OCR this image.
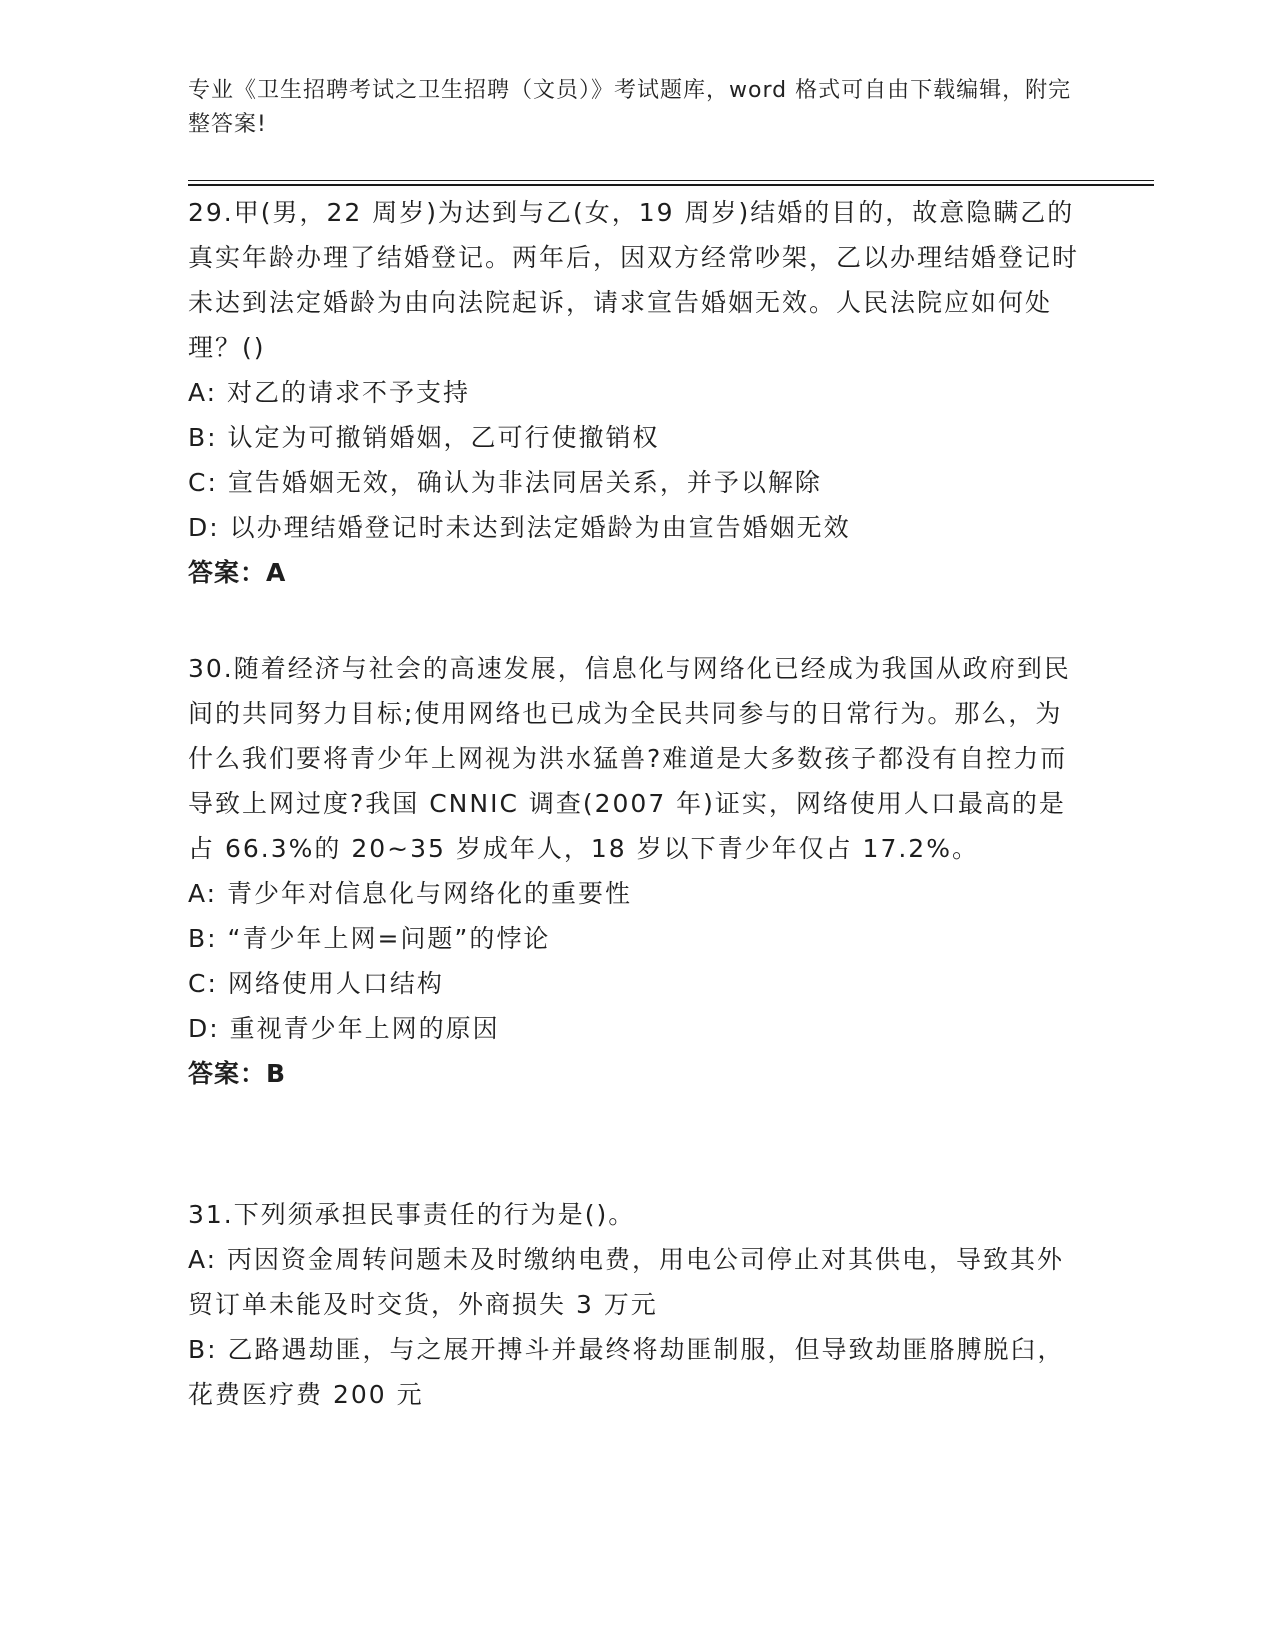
专业《卫生招聘考试之卫生招聘（文员）》考试题库，word 格式可自由下载编辑，附完整答案!

29.甲(男，22 周岁)为达到与乙(女，19 周岁)结婚的目的，故意隐瞒乙的真实年龄办理了结婚登记。两年后，因双方经常吵架，乙以办理结婚登记时未达到法定婚龄为由向法院起诉，请求宣告婚姻无效。人民法院应如何处理？()

A: 对乙的请求不予支持

B: 认定为可撤销婚姻，乙可行使撤销权

C: 宣告婚姻无效，确认为非法同居关系，并予以解除

D: 以办理结婚登记时未达到法定婚龄为由宣告婚姻无效

答案：A

30.随着经济与社会的高速发展，信息化与网络化已经成为我国从政府到民间的共同努力目标;使用网络也已成为全民共同参与的日常行为。那么，为什么我们要将青少年上网视为洪水猛兽?难道是大多数孩子都没有自控力而导致上网过度?我国 CNNIC 调查(2007 年)证实，网络使用人口最高的是占 66.3%的 20~35 岁成年人，18 岁以下青少年仅占 17.2%。

A: 青少年对信息化与网络化的重要性

B: “青少年上网=问题”的悖论

C: 网络使用人口结构

D: 重视青少年上网的原因

答案：B

31.下列须承担民事责任的行为是()。

A: 丙因资金周转问题未及时缴纳电费，用电公司停止对其供电，导致其外贸订单未能及时交货，外商损失 3 万元

B: 乙路遇劫匪，与之展开搏斗并最终将劫匪制服，但导致劫匪胳膊脱臼，花费医疗费 200 元
